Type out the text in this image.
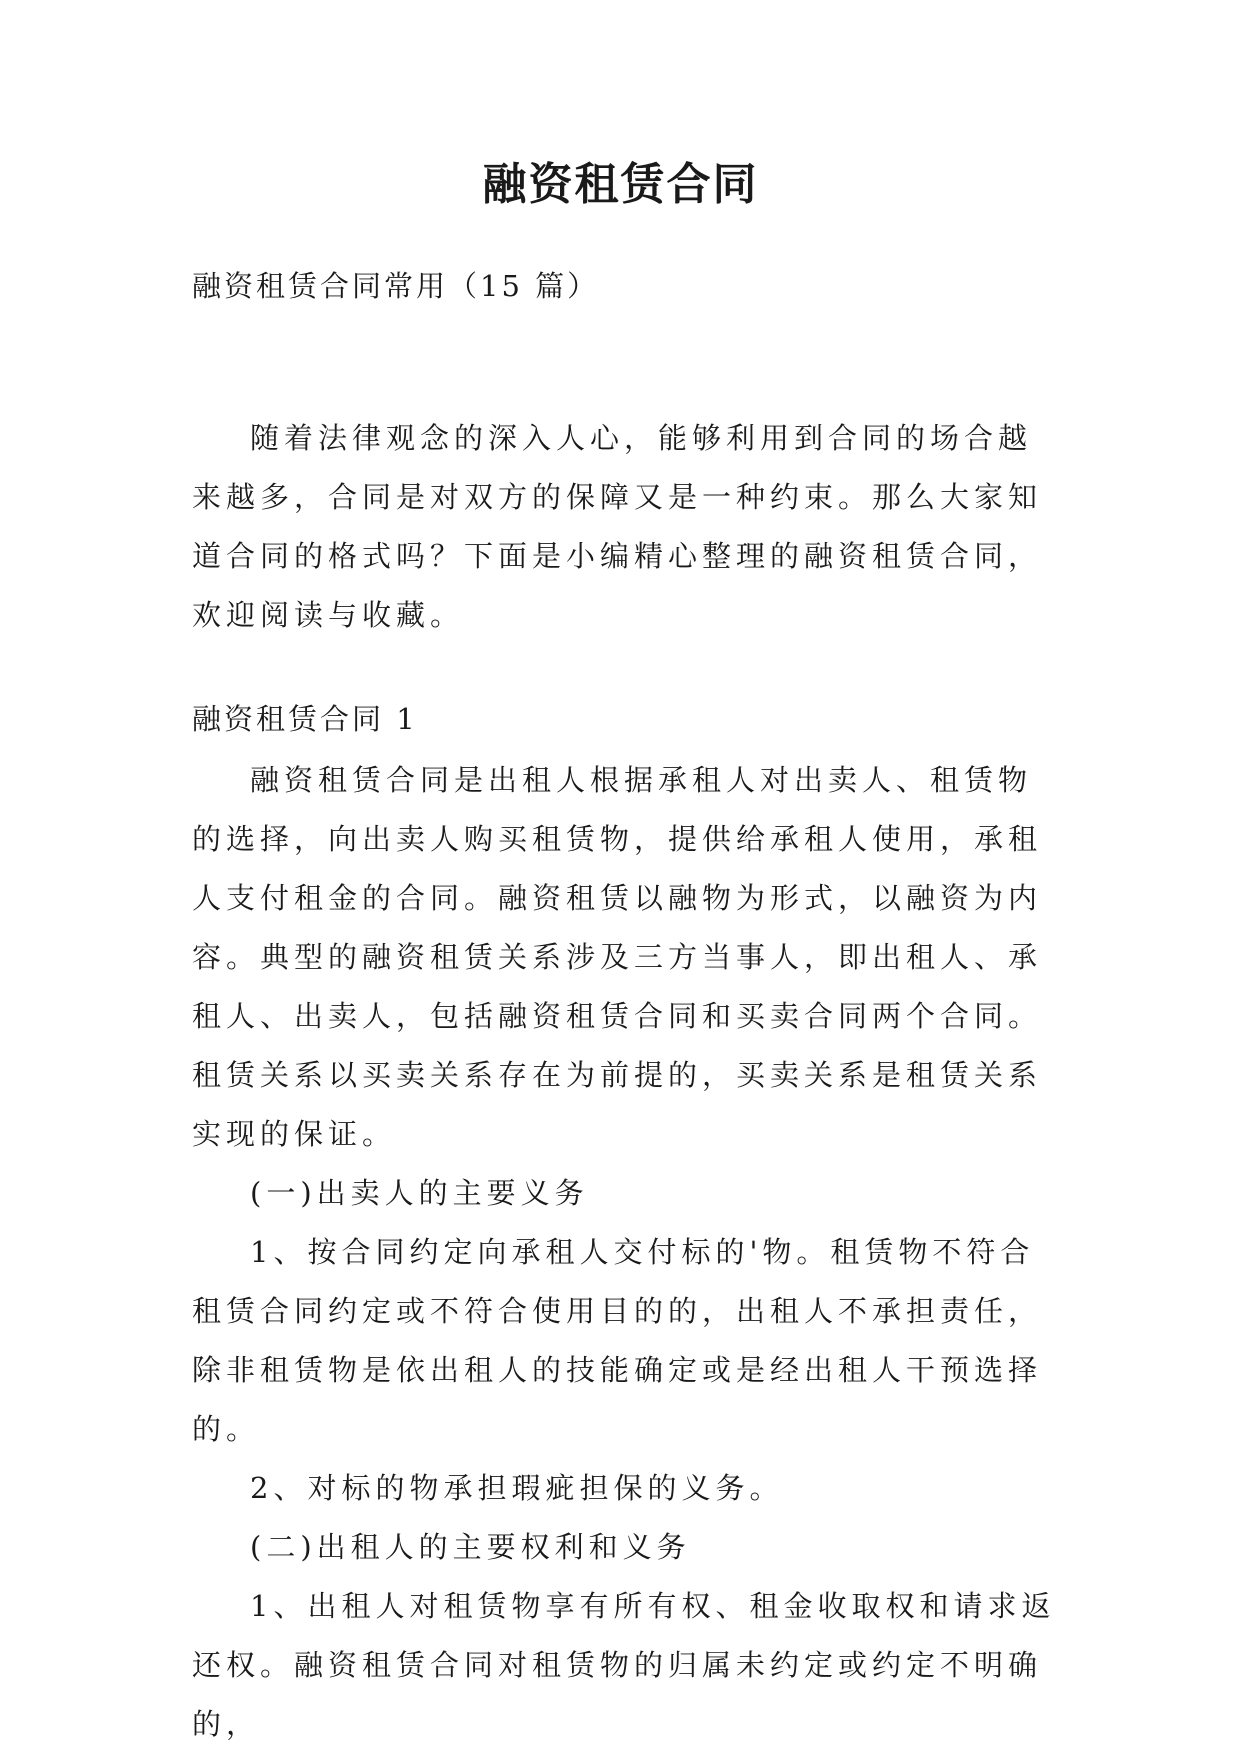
融资租赁合同

融资租赁合同常用（15 篇）

随着法律观念的深入人心，能够利用到合同的场合越来越多，合同是对双方的保障又是一种约束。那么大家知道合同的格式吗？下面是小编精心整理的融资租赁合同，欢迎阅读与收藏。

融资租赁合同 1

融资租赁合同是出租人根据承租人对出卖人、租赁物的选择，向出卖人购买租赁物，提供给承租人使用，承租人支付租金的合同。融资租赁以融物为形式，以融资为内容。典型的融资租赁关系涉及三方当事人，即出租人、承租人、出卖人，包括融资租赁合同和买卖合同两个合同。租赁关系以买卖关系存在为前提的，买卖关系是租赁关系实现的保证。

(一)出卖人的主要义务

1、按合同约定向承租人交付标的'物。租赁物不符合租赁合同约定或不符合使用目的的，出租人不承担责任，除非租赁物是依出租人的技能确定或是经出租人干预选择的。

2、对标的物承担瑕疵担保的义务。

(二)出租人的主要权利和义务

1、出租人对租赁物享有所有权、租金收取权和请求返还权。融资租赁合同对租赁物的归属未约定或约定不明确的，
